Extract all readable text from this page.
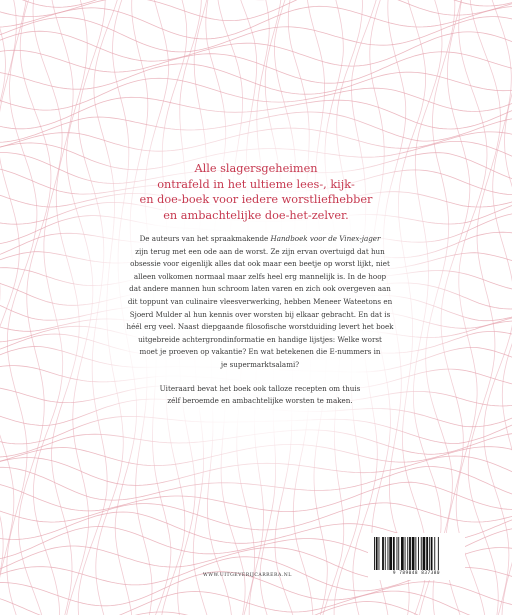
Alle slagersgeheimen
ontrafeld in het ultieme lees-, kijk-
en doe-boek voor iedere worstliefhebber
en ambachtelijke doe-het-zelver.
De auteurs van het spraakmakende Handboek voor de Vinex-jager
zijn terug met een ode aan de worst. Ze zijn ervan overtuigd dat hun
obsessie voor eigenlijk alles dat ook maar een beetje op worst lijkt, niet
alleen volkomen normaal maar zelfs heel erg mannelijk is. In de hoop
dat andere mannen hun schroom laten varen en zich ook overgeven aan
dit toppunt van culinaire vleesverwerking, hebben Meneer Wateetons en
Sjoerd Mulder al hun kennis over worsten bij elkaar gebracht. En dat is
héél erg veel. Naast diepgaande filosofische worstduiding levert het boek
uitgebreide achtergrondinformatie en handige lijstjes: Welke worst
moet je proeven op vakantie? En wat betekenen die E-nummers in
je supermarktsalami?
Uiteraard bevat het boek ook talloze recepten om thuis
zélf beroemde en ambachtelijke worsten te maken.
WWW.UITGEVERIJCARRERA.NL	9 789048 837380
